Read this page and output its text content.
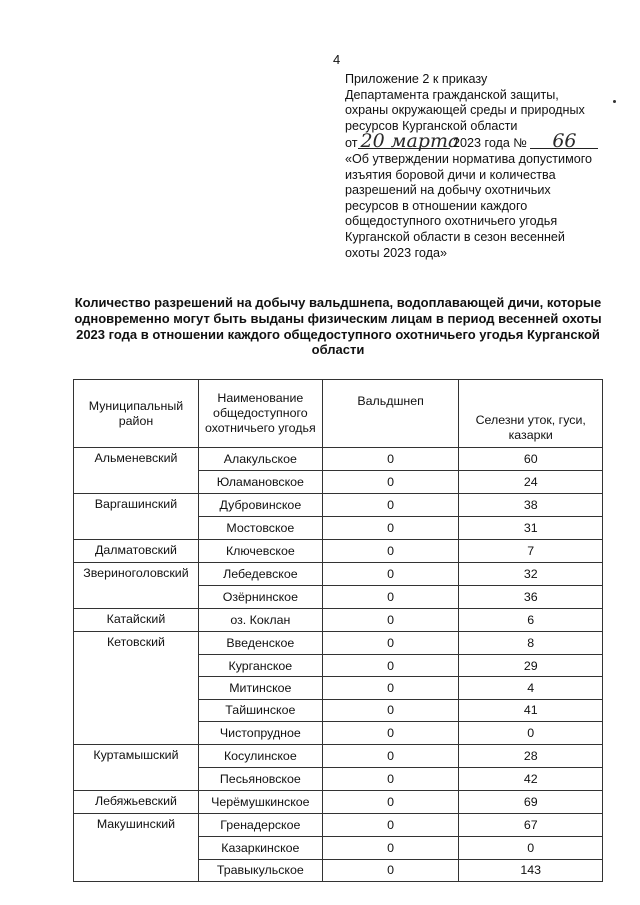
4
Приложение 2 к приказу
Департамента гражданской защиты,
охраны окружающей среды и природных
ресурсов Курганской области
от 20 марта 2023 года № 66
«Об утверждении норматива допустимого
изъятия боровой дичи и количества
разрешений на добычу охотничьих
ресурсов в отношении каждого
общедоступного охотничьего угодья
Курганской области в сезон весенней
охоты 2023 года»
Количество разрешений на добычу вальдшнепа, водоплавающей дичи, которые одновременно могут быть выданы физическим лицам в период весенней охоты 2023 года в отношении каждого общедоступного охотничьего угодья Курганской области
Муниципальный район	Наименование общедоступного охотничьего угодья	Вальдшнеп	Селезни уток, гуси, казарки
Альменевский	Алакульское	0	60
	Юламановское	0	24
Варгашинский	Дубровинское	0	38
	Мостовское	0	31
Далматовский	Ключевское	0	7
Звериноголовский	Лебедевское	0	32
	Озёрнинское	0	36
Катайский	оз. Коклан	0	6
Кетовский	Введенское	0	8
	Курганское	0	29
	Митинское	0	4
	Тайшинское	0	41
	Чистопрудное	0	0
Куртамышский	Косулинское	0	28
	Песьяновское	0	42
Лебяжьевский	Черёмушкинское	0	69
Макушинский	Гренадерское	0	67
	Казаркинское	0	0
	Травыкульское	0	143
